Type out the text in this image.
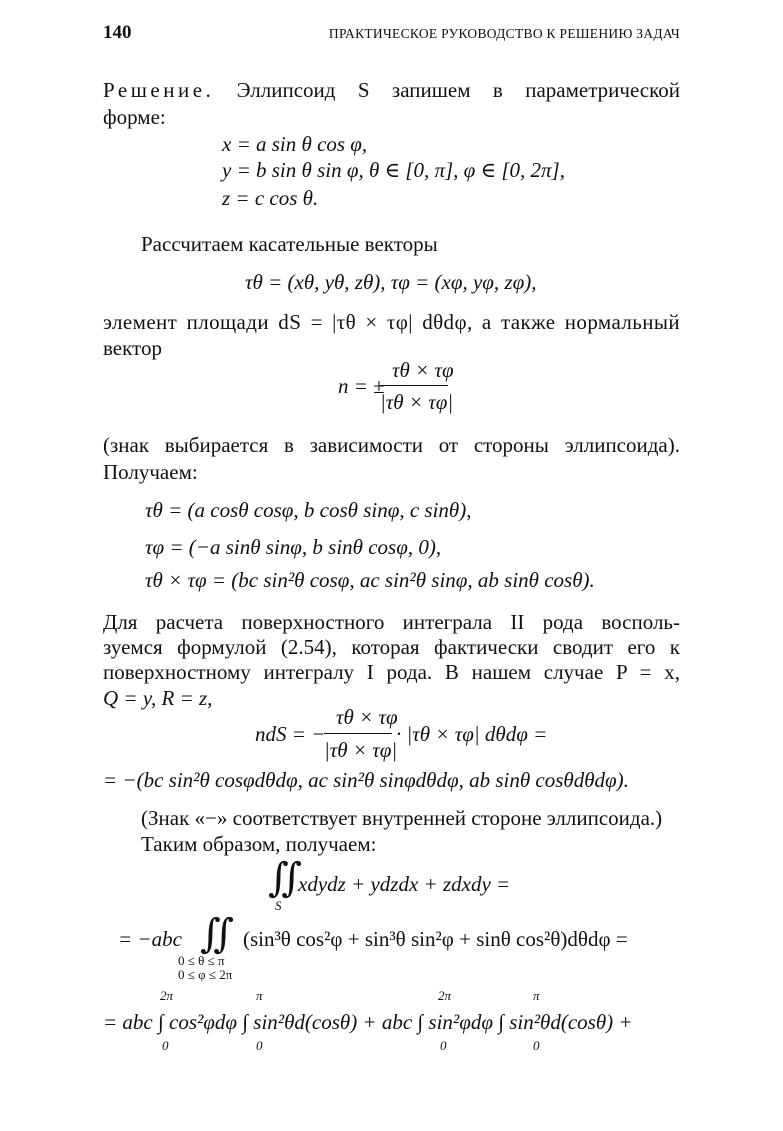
140	ПРАКТИЧЕСКОЕ РУКОВОДСТВО К РЕШЕНИЮ ЗАДАЧ
Решение. Эллипсоид S запишем в параметрической
форме:
x = a sin θ cos φ,
y = b sin θ sin φ, θ ∈ [0, π], φ ∈ [0, 2π],
z = c cos θ.
Рассчитаем касательные векторы
τθ = (xθ, yθ, zθ), τφ = (xφ, yφ, zφ),
элемент площади dS = |τθ × τφ| dθdφ, а также нормальный
вектор
n = ±
τθ × τφ
|τθ × τφ|
(знак выбирается в зависимости от стороны эллипсоида).
Получаем:
τθ = (a cosθ cosφ, b cosθ sinφ, c sinθ),
τφ = (−a sinθ sinφ, b sinθ cosφ, 0),
τθ × τφ = (bc sin²θ cosφ, ac sin²θ sinφ, ab sinθ cosθ).
Для расчета поверхностного интеграла II рода восполь-
зуемся формулой (2.54), которая фактически сводит его к
поверхностному интегралу I рода. В нашем случае P = x,
Q = y, R = z,
ndS = −
τθ × τφ
|τθ × τφ|
· |τθ × τφ| dθdφ =
= −(bc sin²θ cosφdθdφ, ac sin²θ sinφdθdφ, ab sinθ cosθdθdφ).
(Знак «−» соответствует внутренней стороне эллипсоида.)
Таким образом, получаем:
∬
xdydz + ydzdx + zdxdy =
S
= −abc ∬ (sin³θ cos²φ + sin³θ sin²φ + sinθ cos²θ)dθdφ =
0 ≤ θ ≤ π
0 ≤ φ ≤ 2π
2π	π	2π	π
= abc ∫ cos²φdφ ∫ sin²θd(cosθ) + abc ∫ sin²φdφ ∫ sin²θd(cosθ) +
0	0	0	0
